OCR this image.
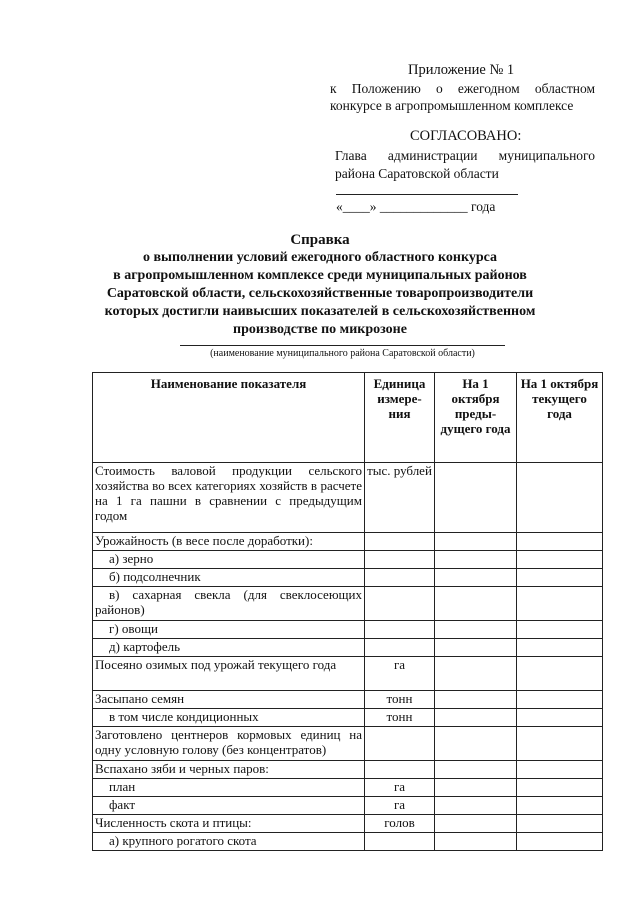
Приложение № 1
к Положению о ежегодном областном
конкурсе в агропромышленном комплексе
СОГЛАСОВАНО:
Глава администрации муниципального
района Саратовской области
«____» _____________ года
Справка
о выполнении условий ежегодного областного конкурса
в агропромышленном комплексе среди муниципальных районов
Саратовской области, сельскохозяйственные товаропроизводители
которых достигли наивысших показателей в сельскохозяйственном
производстве по микрозоне
(наименование муниципального района Саратовской области)
Наименование показателя	Единица измере- ния	На 1 октября преды- дущего года	На 1 октября текущего года
Стоимость валовой продукции сельского хозяйства во всех категориях хозяйств в расчете на 1 га пашни в сравнении с предыдущим годом	тыс. рублей		
Урожайность (в весе после доработки):			
а) зерно			
б) подсолнечник			
в) сахарная свекла (для свеклосеющих районов)			
г) овощи			
д) картофель			
Посеяно озимых под урожай текущего года	га		
Засыпано семян	тонн		
в том числе кондиционных	тонн		
Заготовлено центнеров кормовых единиц на одну условную голову (без концентратов)			
Вспахано зяби и черных паров:			
план	га		
факт	га		
Численность скота и птицы:	голов		
а) крупного рогатого скота			
